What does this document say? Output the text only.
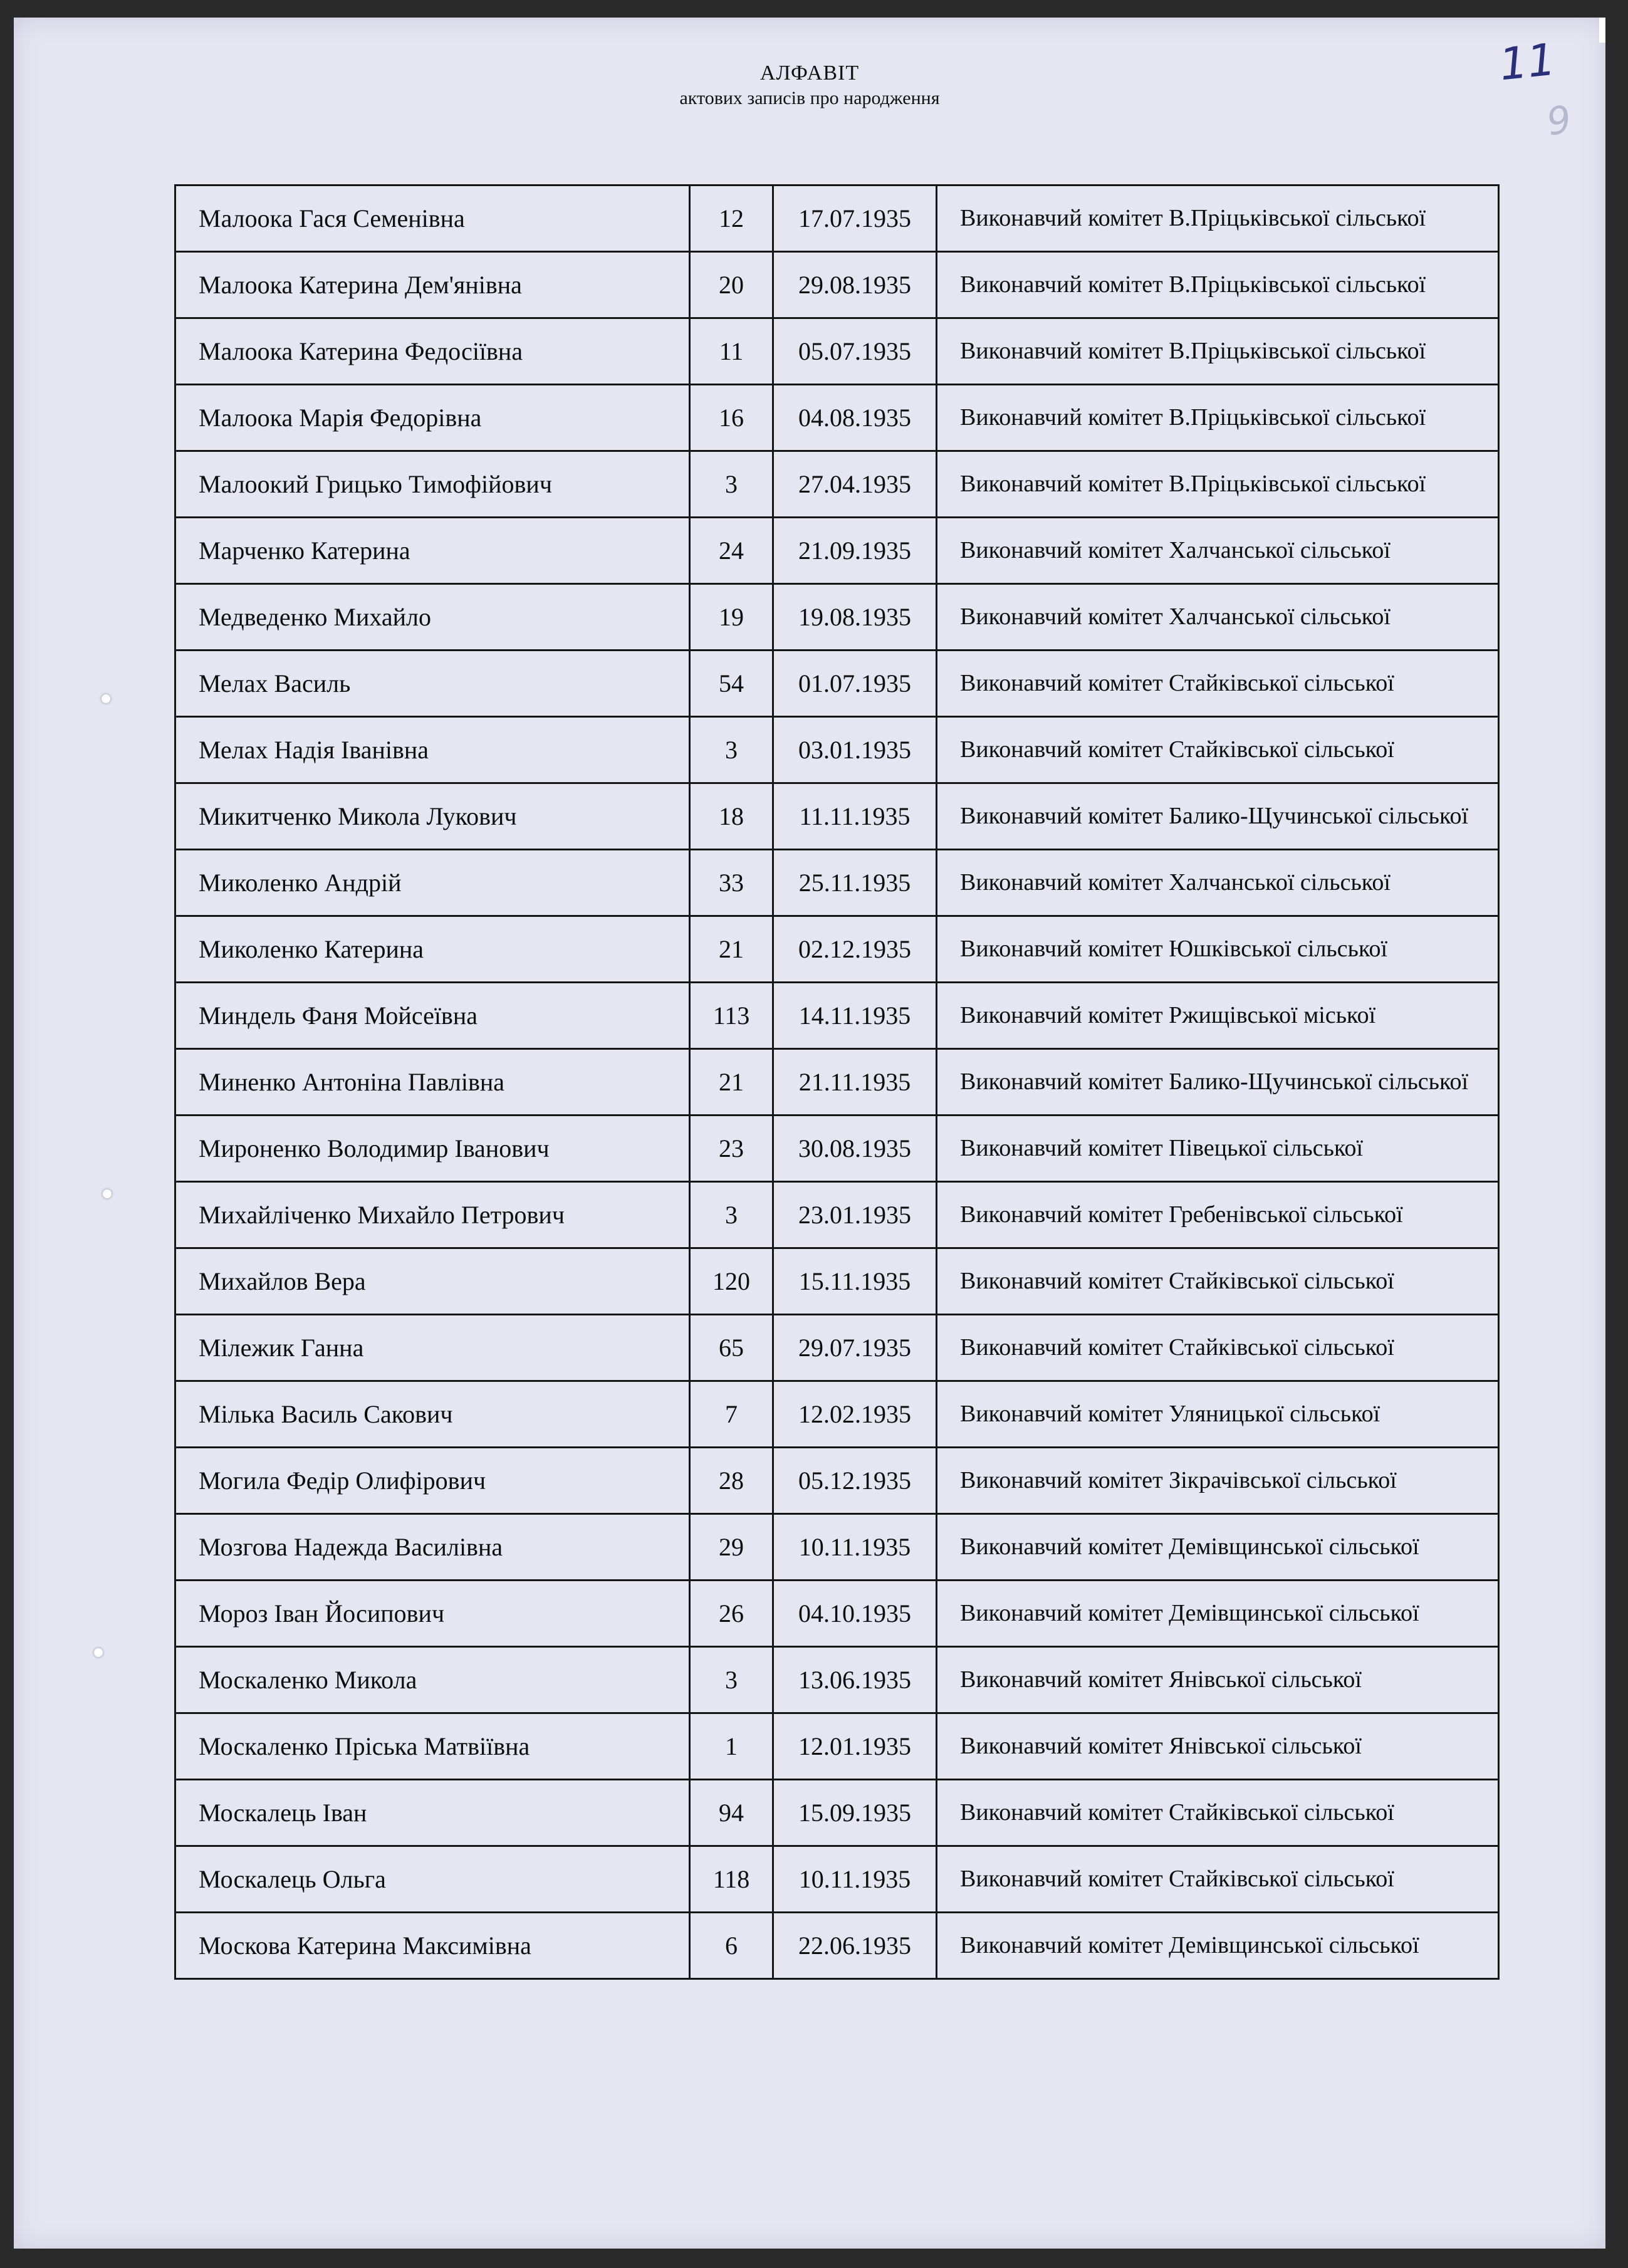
АЛФАВІТ
актових записів про народження
11
9
Малоока Гася Семенівна	12	17.07.1935	Виконавчий комітет В.Пріцьківської сільської
Малоока Катерина Дем'янівна	20	29.08.1935	Виконавчий комітет В.Пріцьківської сільської
Малоока Катерина Федосіївна	11	05.07.1935	Виконавчий комітет В.Пріцьківської сільської
Малоока Марія Федорівна	16	04.08.1935	Виконавчий комітет В.Пріцьківської сільської
Малоокий Грицько Тимофійович	3	27.04.1935	Виконавчий комітет В.Пріцьківської сільської
Марченко Катерина	24	21.09.1935	Виконавчий комітет Халчанської сільської
Медведенко Михайло	19	19.08.1935	Виконавчий комітет Халчанської сільської
Мелах Василь	54	01.07.1935	Виконавчий комітет Стайківської сільської
Мелах Надія Іванівна	3	03.01.1935	Виконавчий комітет Стайківської сільської
Микитченко Микола Лукович	18	11.11.1935	Виконавчий комітет Балико-Щучинської сільської
Миколенко Андрій	33	25.11.1935	Виконавчий комітет Халчанської сільської
Миколенко Катерина	21	02.12.1935	Виконавчий комітет Юшківської сільської
Миндель Фаня Мойсеївна	113	14.11.1935	Виконавчий комітет Ржищівської міської
Миненко Антоніна Павлівна	21	21.11.1935	Виконавчий комітет Балико-Щучинської сільської
Мироненко Володимир Іванович	23	30.08.1935	Виконавчий комітет Півецької сільської
Михайліченко Михайло Петрович	3	23.01.1935	Виконавчий комітет Гребенівської сільської
Михайлов Вера	120	15.11.1935	Виконавчий комітет Стайківської сільської
Мілежик Ганна	65	29.07.1935	Виконавчий комітет Стайківської сільської
Мілька Василь Сакович	7	12.02.1935	Виконавчий комітет Уляницької сільської
Могила Федір Олифірович	28	05.12.1935	Виконавчий комітет Зікрачівської сільської
Мозгова Надежда Василівна	29	10.11.1935	Виконавчий комітет Демівщинської сільської
Мороз Іван Йосипович	26	04.10.1935	Виконавчий комітет Демівщинської сільської
Москаленко Микола	3	13.06.1935	Виконавчий комітет Янівської сільської
Москаленко Пріська Матвіївна	1	12.01.1935	Виконавчий комітет Янівської сільської
Москалець Іван	94	15.09.1935	Виконавчий комітет Стайківської сільської
Москалець Ольга	118	10.11.1935	Виконавчий комітет Стайківської сільської
Москова Катерина Максимівна	6	22.06.1935	Виконавчий комітет Демівщинської сільської
